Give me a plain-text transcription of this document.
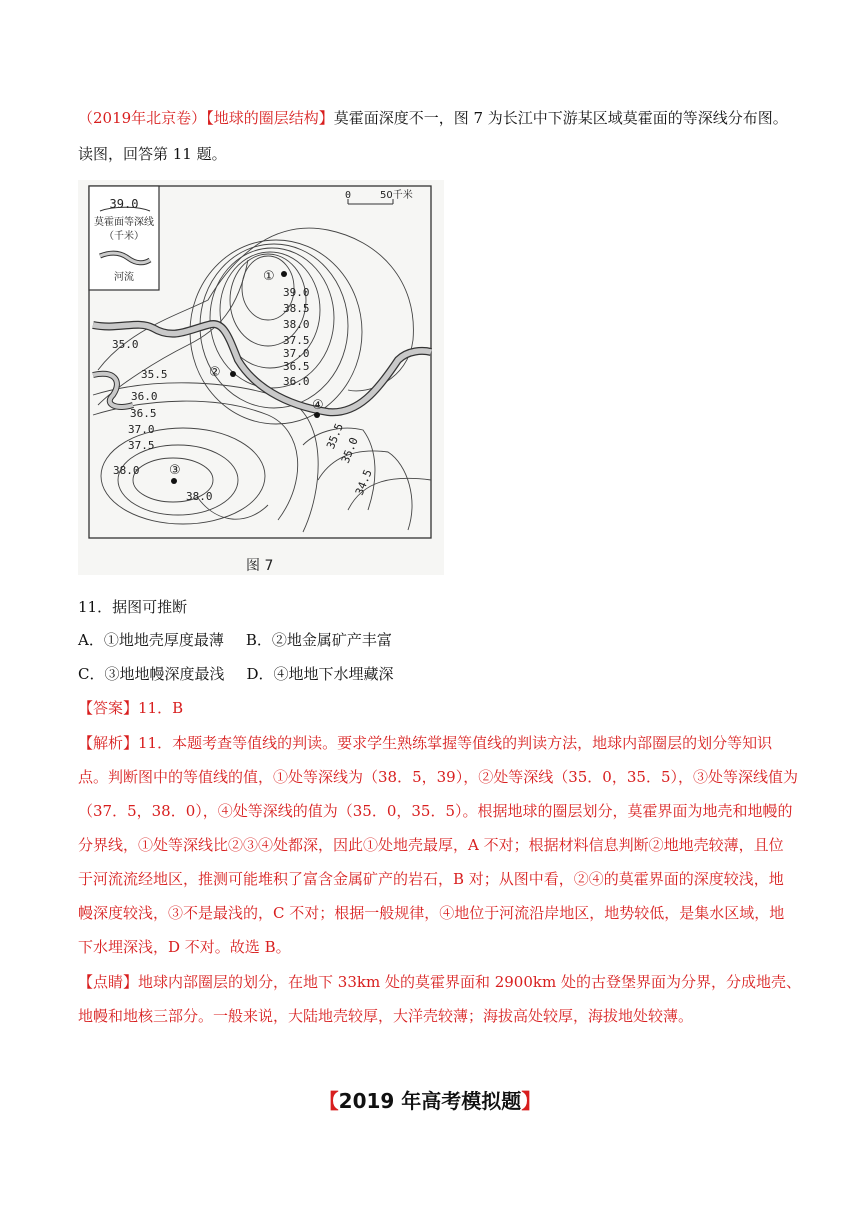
（2019年北京卷）【地球的圈层结构】莫霍面深度不一，图 7 为长江中下游某区域莫霍面的等深线分布图。
读图，回答第 11 题。
39.0
莫霍面等深线
（千米）
河流
0	50千米
①
②
③
④
39.0
38.5
38.0
37.5
37.0
36.5
36.0
35.0
35.5
36.0
36.5
37.0
37.5
38.0
38.0
35.5
35.0
34.5
图 7
11．据图可推断
A．①地地壳厚度最薄 B．②地金属矿产丰富
C．③地地幔深度最浅 D．④地地下水埋藏深
【答案】11．B
【解析】11．本题考查等值线的判读。要求学生熟练掌握等值线的判读方法，地球内部圈层的划分等知识
点。判断图中的等值线的值，①处等深线为（38．5，39），②处等深线（35．0，35．5），③处等深线值为
（37．5，38．0），④处等深线的值为（35．0，35．5）。根据地球的圈层划分，莫霍界面为地壳和地幔的
分界线，①处等深线比②③④处都深，因此①处地壳最厚，A 不对；根据材料信息判断②地地壳较薄，且位
于河流流经地区，推测可能堆积了富含金属矿产的岩石，B 对；从图中看，②④的莫霍界面的深度较浅，地
幔深度较浅，③不是最浅的，C 不对；根据一般规律，④地位于河流沿岸地区，地势较低，是集水区域，地
下水埋深浅，D 不对。故选 B。
【点睛】地球内部圈层的划分，在地下 33km 处的莫霍界面和 2900km 处的古登堡界面为分界，分成地壳、
地幔和地核三部分。一般来说，大陆地壳较厚，大洋壳较薄；海拔高处较厚，海拔地处较薄。
【2019 年高考模拟题】
